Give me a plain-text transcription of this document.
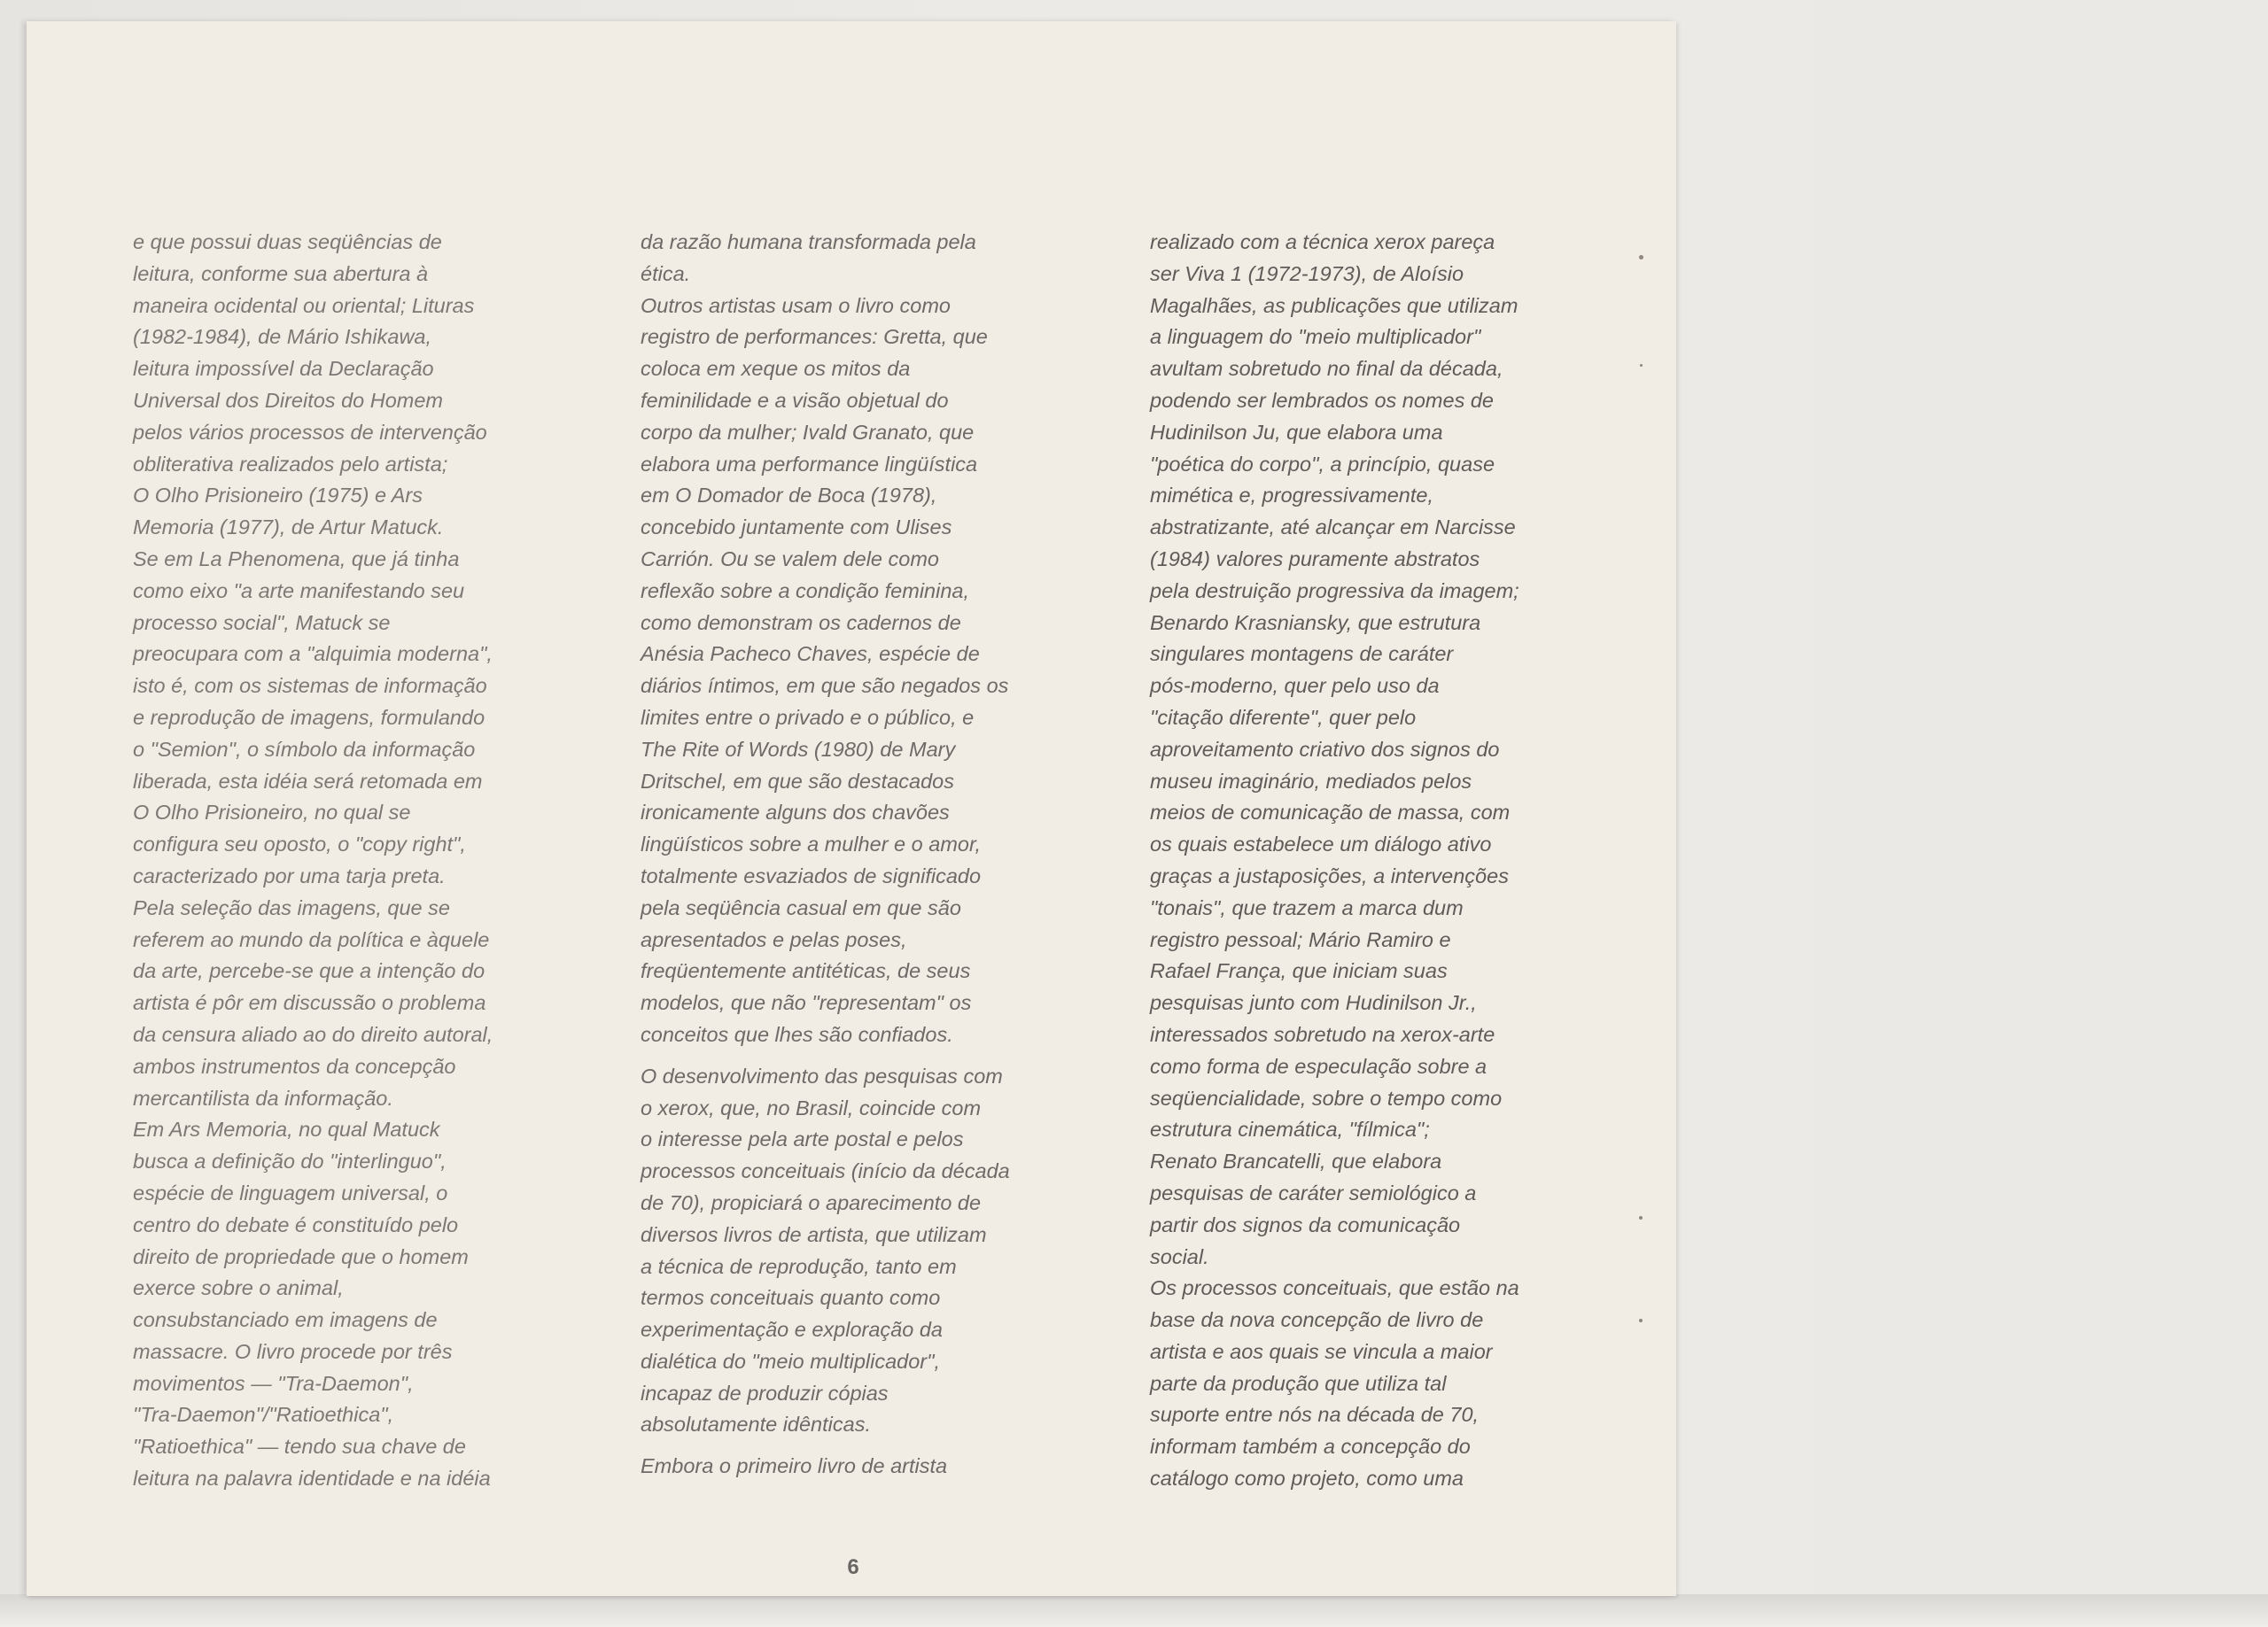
e que possui duas seqüências de
leitura, conforme sua abertura à
maneira ocidental ou oriental; Lituras
(1982-1984), de Mário Ishikawa,
leitura impossível da Declaração
Universal dos Direitos do Homem
pelos vários processos de intervenção
obliterativa realizados pelo artista;
O Olho Prisioneiro (1975) e Ars
Memoria (1977), de Artur Matuck.
Se em La Phenomena, que já tinha
como eixo "a arte manifestando seu
processo social", Matuck se
preocupara com a "alquimia moderna",
isto é, com os sistemas de informação
e reprodução de imagens, formulando
o "Semion", o símbolo da informação
liberada, esta idéia será retomada em
O Olho Prisioneiro, no qual se
configura seu oposto, o "copy right",
caracterizado por uma tarja preta.
Pela seleção das imagens, que se
referem ao mundo da política e àquele
da arte, percebe-se que a intenção do
artista é pôr em discussão o problema
da censura aliado ao do direito autoral,
ambos instrumentos da concepção
mercantilista da informação.
Em Ars Memoria, no qual Matuck
busca a definição do "interlinguo",
espécie de linguagem universal, o
centro do debate é constituído pelo
direito de propriedade que o homem
exerce sobre o animal,
consubstanciado em imagens de
massacre. O livro procede por três
movimentos — "Tra-Daemon",
"Tra-Daemon"/"Ratioethica",
"Ratioethica" — tendo sua chave de
leitura na palavra identidade e na idéia
da razão humana transformada pela
ética.
Outros artistas usam o livro como
registro de performances: Gretta, que
coloca em xeque os mitos da
feminilidade e a visão objetual do
corpo da mulher; Ivald Granato, que
elabora uma performance lingüística
em O Domador de Boca (1978),
concebido juntamente com Ulises
Carrión. Ou se valem dele como
reflexão sobre a condição feminina,
como demonstram os cadernos de
Anésia Pacheco Chaves, espécie de
diários íntimos, em que são negados os
limites entre o privado e o público, e
The Rite of Words (1980) de Mary
Dritschel, em que são destacados
ironicamente alguns dos chavões
lingüísticos sobre a mulher e o amor,
totalmente esvaziados de significado
pela seqüência casual em que são
apresentados e pelas poses,
freqüentemente antitéticas, de seus
modelos, que não "representam" os
conceitos que lhes são confiados.
O desenvolvimento das pesquisas com
o xerox, que, no Brasil, coincide com
o interesse pela arte postal e pelos
processos conceituais (início da década
de 70), propiciará o aparecimento de
diversos livros de artista, que utilizam
a técnica de reprodução, tanto em
termos conceituais quanto como
experimentação e exploração da
dialética do "meio multiplicador",
incapaz de produzir cópias
absolutamente idênticas.
Embora o primeiro livro de artista
realizado com a técnica xerox pareça
ser Viva 1 (1972-1973), de Aloísio
Magalhães, as publicações que utilizam
a linguagem do "meio multiplicador"
avultam sobretudo no final da década,
podendo ser lembrados os nomes de
Hudinilson Ju, que elabora uma
"poética do corpo", a princípio, quase
mimética e, progressivamente,
abstratizante, até alcançar em Narcisse
(1984) valores puramente abstratos
pela destruição progressiva da imagem;
Benardo Krasniansky, que estrutura
singulares montagens de caráter
pós-moderno, quer pelo uso da
"citação diferente", quer pelo
aproveitamento criativo dos signos do
museu imaginário, mediados pelos
meios de comunicação de massa, com
os quais estabelece um diálogo ativo
graças a justaposições, a intervenções
"tonais", que trazem a marca dum
registro pessoal; Mário Ramiro e
Rafael França, que iniciam suas
pesquisas junto com Hudinilson Jr.,
interessados sobretudo na xerox-arte
como forma de especulação sobre a
seqüencialidade, sobre o tempo como
estrutura cinemática, "fílmica";
Renato Brancatelli, que elabora
pesquisas de caráter semiológico a
partir dos signos da comunicação
social.
Os processos conceituais, que estão na
base da nova concepção de livro de
artista e aos quais se vincula a maior
parte da produção que utiliza tal
suporte entre nós na década de 70,
informam também a concepção do
catálogo como projeto, como uma
6
